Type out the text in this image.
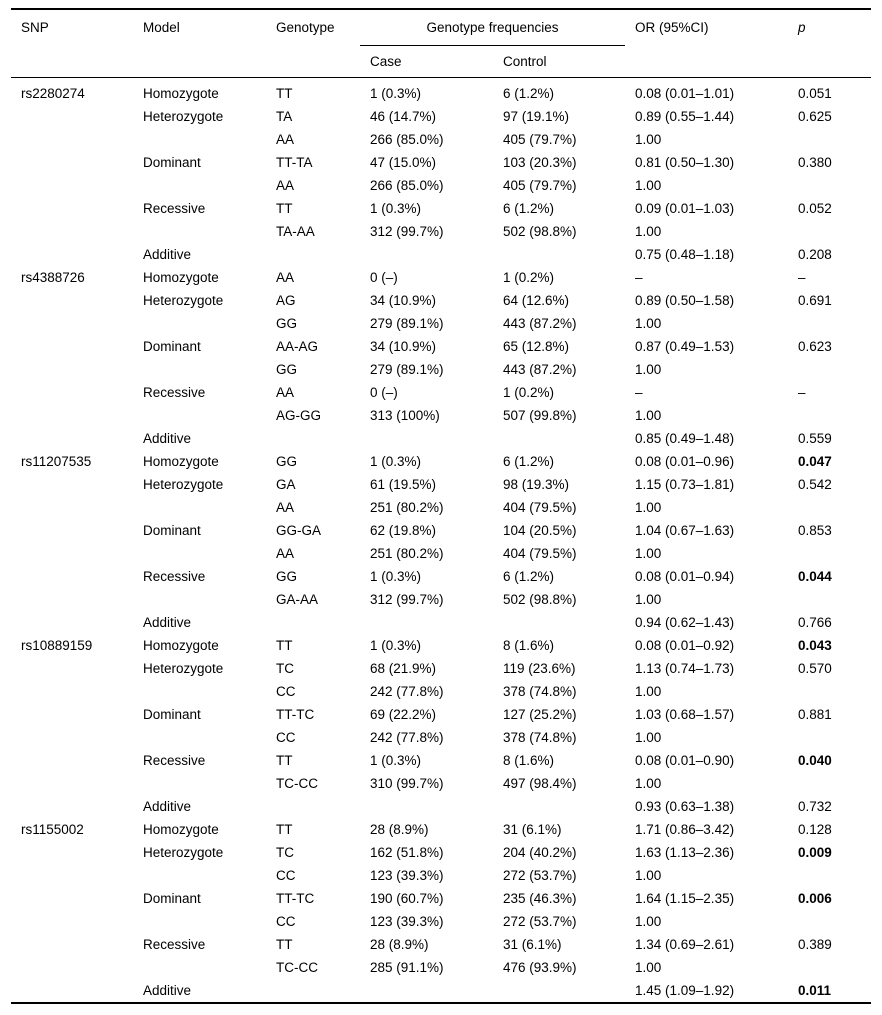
SNP	Model	Genotype	Genotype frequencies		OR (95%CI)	p
			Case	Control		
rs2280274	Homozygote	TT	1 (0.3%)	6 (1.2%)	0.08 (0.01–1.01)	0.051
	Heterozygote	TA	46 (14.7%)	97 (19.1%)	0.89 (0.55–1.44)	0.625
		AA	266 (85.0%)	405 (79.7%)	1.00	
	Dominant	TT-TA	47 (15.0%)	103 (20.3%)	0.81 (0.50–1.30)	0.380
		AA	266 (85.0%)	405 (79.7%)	1.00	
	Recessive	TT	1 (0.3%)	6 (1.2%)	0.09 (0.01–1.03)	0.052
		TA-AA	312 (99.7%)	502 (98.8%)	1.00	
	Additive				0.75 (0.48–1.18)	0.208
rs4388726	Homozygote	AA	0 (–)	1 (0.2%)	–	–
	Heterozygote	AG	34 (10.9%)	64 (12.6%)	0.89 (0.50–1.58)	0.691
		GG	279 (89.1%)	443 (87.2%)	1.00	
	Dominant	AA-AG	34 (10.9%)	65 (12.8%)	0.87 (0.49–1.53)	0.623
		GG	279 (89.1%)	443 (87.2%)	1.00	
	Recessive	AA	0 (–)	1 (0.2%)	–	–
		AG-GG	313 (100%)	507 (99.8%)	1.00	
	Additive				0.85 (0.49–1.48)	0.559
rs11207535	Homozygote	GG	1 (0.3%)	6 (1.2%)	0.08 (0.01–0.96)	0.047
	Heterozygote	GA	61 (19.5%)	98 (19.3%)	1.15 (0.73–1.81)	0.542
		AA	251 (80.2%)	404 (79.5%)	1.00	
	Dominant	GG-GA	62 (19.8%)	104 (20.5%)	1.04 (0.67–1.63)	0.853
		AA	251 (80.2%)	404 (79.5%)	1.00	
	Recessive	GG	1 (0.3%)	6 (1.2%)	0.08 (0.01–0.94)	0.044
		GA-AA	312 (99.7%)	502 (98.8%)	1.00	
	Additive				0.94 (0.62–1.43)	0.766
rs10889159	Homozygote	TT	1 (0.3%)	8 (1.6%)	0.08 (0.01–0.92)	0.043
	Heterozygote	TC	68 (21.9%)	119 (23.6%)	1.13 (0.74–1.73)	0.570
		CC	242 (77.8%)	378 (74.8%)	1.00	
	Dominant	TT-TC	69 (22.2%)	127 (25.2%)	1.03 (0.68–1.57)	0.881
		CC	242 (77.8%)	378 (74.8%)	1.00	
	Recessive	TT	1 (0.3%)	8 (1.6%)	0.08 (0.01–0.90)	0.040
		TC-CC	310 (99.7%)	497 (98.4%)	1.00	
	Additive				0.93 (0.63–1.38)	0.732
rs1155002	Homozygote	TT	28 (8.9%)	31 (6.1%)	1.71 (0.86–3.42)	0.128
	Heterozygote	TC	162 (51.8%)	204 (40.2%)	1.63 (1.13–2.36)	0.009
		CC	123 (39.3%)	272 (53.7%)	1.00	
	Dominant	TT-TC	190 (60.7%)	235 (46.3%)	1.64 (1.15–2.35)	0.006
		CC	123 (39.3%)	272 (53.7%)	1.00	
	Recessive	TT	28 (8.9%)	31 (6.1%)	1.34 (0.69–2.61)	0.389
		TC-CC	285 (91.1%)	476 (93.9%)	1.00	
	Additive				1.45 (1.09–1.92)	0.011
